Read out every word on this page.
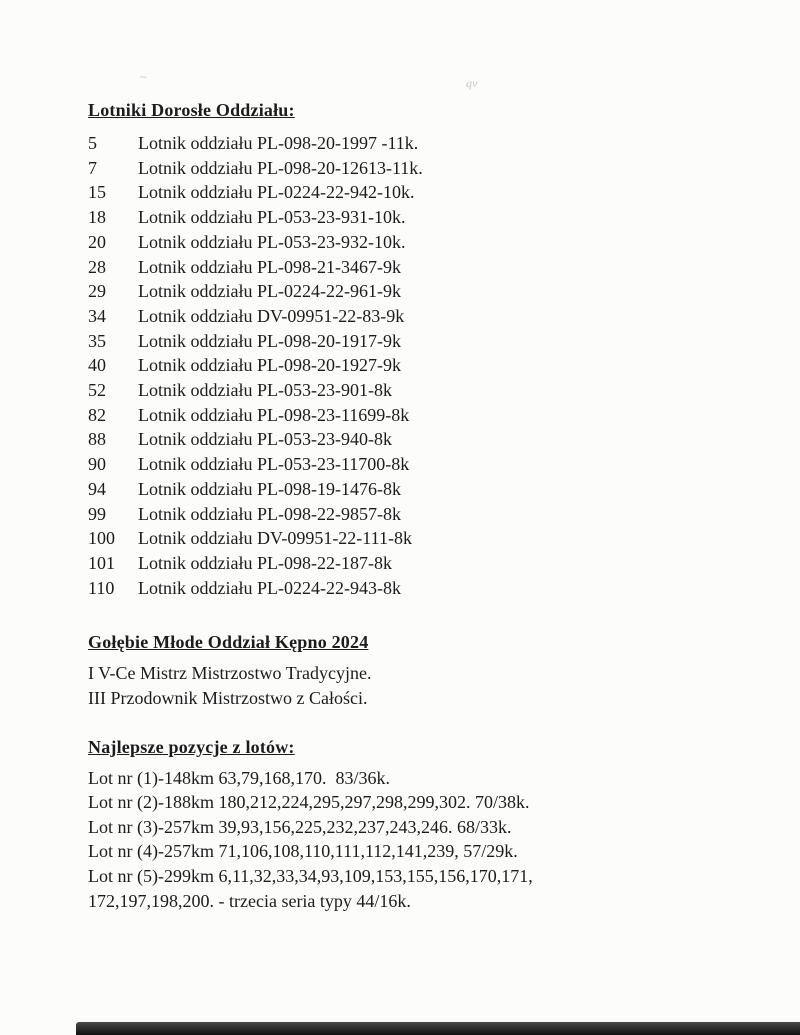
~	qv
Lotniki Dorosłe Oddziału:
5	Lotnik oddziału PL-098-20-1997 -11k.
7	Lotnik oddziału PL-098-20-12613-11k.
15	Lotnik oddziału PL-0224-22-942-10k.
18	Lotnik oddziału PL-053-23-931-10k.
20	Lotnik oddziału PL-053-23-932-10k.
28	Lotnik oddziału PL-098-21-3467-9k
29	Lotnik oddziału PL-0224-22-961-9k
34	Lotnik oddziału DV-09951-22-83-9k
35	Lotnik oddziału PL-098-20-1917-9k
40	Lotnik oddziału PL-098-20-1927-9k
52	Lotnik oddziału PL-053-23-901-8k
82	Lotnik oddziału PL-098-23-11699-8k
88	Lotnik oddziału PL-053-23-940-8k
90	Lotnik oddziału PL-053-23-11700-8k
94	Lotnik oddziału PL-098-19-1476-8k
99	Lotnik oddziału PL-098-22-9857-8k
100	Lotnik oddziału DV-09951-22-111-8k
101	Lotnik oddziału PL-098-22-187-8k
110	Lotnik oddziału PL-0224-22-943-8k
Gołębie Młode Oddział Kępno 2024
I V-Ce Mistrz Mistrzostwo Tradycyjne.
III Przodownik Mistrzostwo z Całości.
Najlepsze pozycje z lotów:
Lot nr (1)-148km 63,79,168,170.  83/36k.
Lot nr (2)-188km 180,212,224,295,297,298,299,302. 70/38k.
Lot nr (3)-257km 39,93,156,225,232,237,243,246. 68/33k.
Lot nr (4)-257km 71,106,108,110,111,112,141,239, 57/29k.
Lot nr (5)-299km 6,11,32,33,34,93,109,153,155,156,170,171,
172,197,198,200. - trzecia seria typy 44/16k.
